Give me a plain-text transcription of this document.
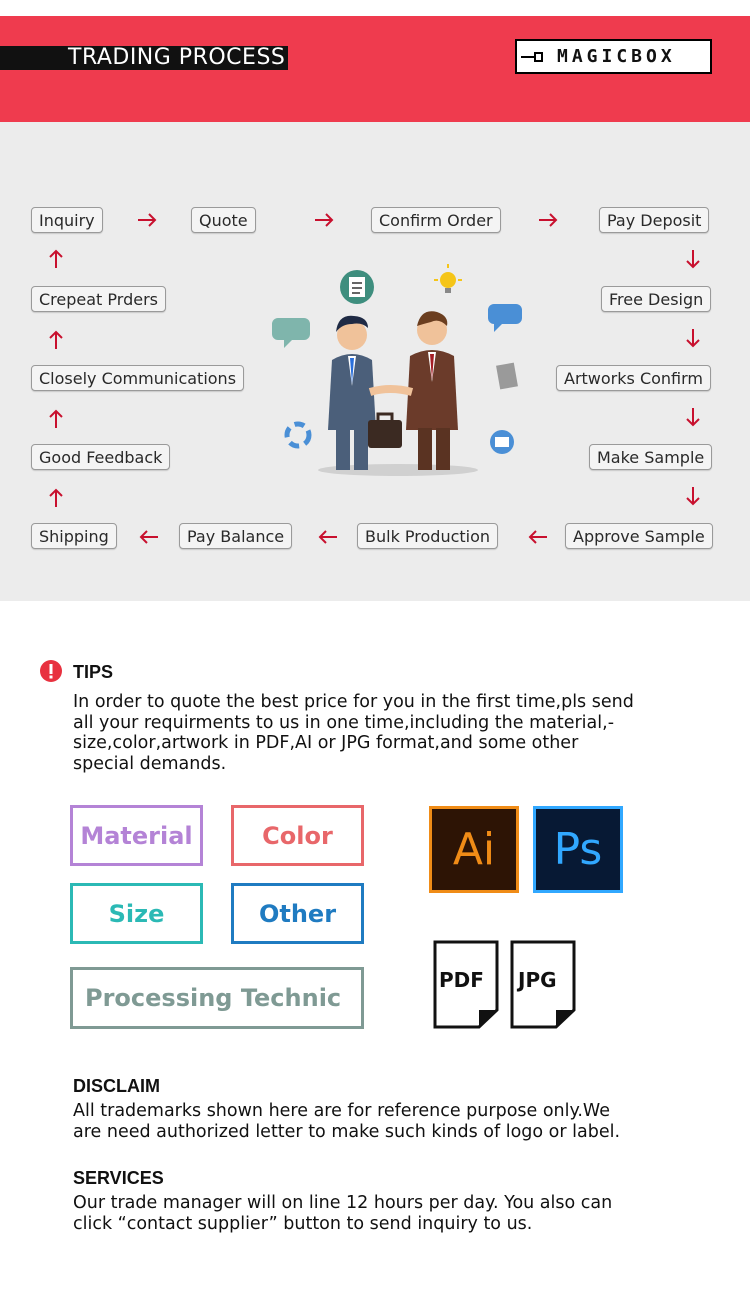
TRADING PROCESS	MAGICBOX
Inquiry	Quote	Confirm Order	Pay Deposit
Crepeat Prders	Free Design
Closely Communications	Artworks Confirm
Good Feedback	Make Sample
Shipping	Pay Balance	Bulk Production	Approve Sample
TIPS
In order to quote the best price for you in the first time,pls send
all your requirments to us in one time,including the material,-
size,color,artwork in PDF,AI or JPG format,and some other
special demands.
Material	Color
Size	Other
Processing Technic
Ai Ps
PDF JPG
DISCLAIM
All trademarks shown here are for reference purpose only.We
are need authorized letter to make such kinds of logo or label.
SERVICES
Our trade manager will on line 12 hours per day. You also can
click “contact supplier” button to send inquiry to us.
